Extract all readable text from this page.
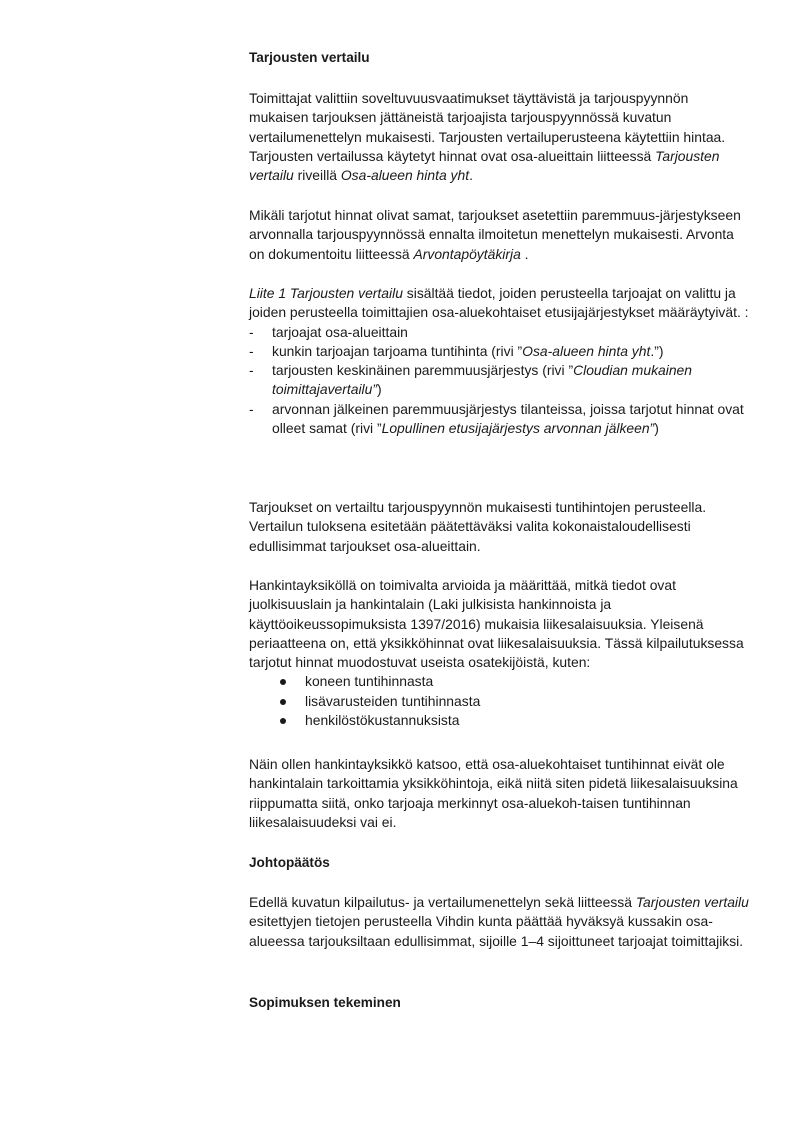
Tarjousten vertailu

Toimittajat valittiin soveltuvuusvaatimukset täyttävistä ja tarjouspyynnön mukaisen tarjouksen jättäneistä tarjoajista tarjouspyynnössä kuvatun vertailumenettelyn mukaisesti. Tarjousten vertailuperusteena käytettiin hintaa. Tarjousten vertailussa käytetyt hinnat ovat osa-alueittain liitteessä Tarjousten vertailu riveillä Osa-alueen hinta yht.

Mikäli tarjotut hinnat olivat samat, tarjoukset asetettiin paremmuus-järjestykseen arvonnalla tarjouspyynnössä ennalta ilmoitetun menettelyn mukaisesti. Arvonta on dokumentoitu liitteessä Arvontapöytäkirja .

Liite 1 Tarjousten vertailu sisältää tiedot, joiden perusteella tarjoajat on valittu ja joiden perusteella toimittajien osa-aluekohtaiset etusijajärjestykset määräytyivät. :

- tarjoajat osa-alueittain
- kunkin tarjoajan tarjoama tuntihinta (rivi ”Osa-alueen hinta yht.”)
- tarjousten keskinäinen paremmuusjärjestys (rivi ”Cloudian mukainen toimittajavertailu”)
- arvonnan jälkeinen paremmuusjärjestys tilanteissa, joissa tarjotut hinnat ovat olleet samat (rivi ”Lopullinen etusijajärjestys arvonnan jälkeen”)

Tarjoukset on vertailtu tarjouspyynnön mukaisesti tuntihintojen perusteella. Vertailun tuloksena esitetään päätettäväksi valita kokonaistaloudellisesti edullisimmat tarjoukset osa-alueittain.

Hankintayksiköllä on toimivalta arvioida ja määrittää, mitkä tiedot ovat juolkisuuslain ja hankintalain (Laki julkisista hankinnoista ja käyttöoikeussopimuksista 1397/2016) mukaisia liikesalaisuuksia. Yleisenä periaatteena on, että yksikköhinnat ovat liikesalaisuuksia. Tässä kilpailutuksessa tarjotut hinnat muodostuvat useista osatekijöistä, kuten:

koneen tuntihinnasta
lisävarusteiden tuntihinnasta
henkilöstökustannuksista

Näin ollen hankintayksikkö katsoo, että osa-aluekohtaiset tuntihinnat eivät ole hankintalain tarkoittamia yksikköhintoja, eikä niitä siten pidetä liikesalaisuuksina riippumatta siitä, onko tarjoaja merkinnyt osa-aluekoh-taisen tuntihinnan liikesalaisuudeksi vai ei.

Johtopäätös

Edellä kuvatun kilpailutus- ja vertailumenettelyn sekä liitteessä Tarjousten vertailu esitettyjen tietojen perusteella Vihdin kunta päättää hyväksyä kussakin osa-alueessa tarjouksiltaan edullisimmat, sijoille 1–4 sijoittuneet tarjoajat toimittajiksi.

Sopimuksen tekeminen
